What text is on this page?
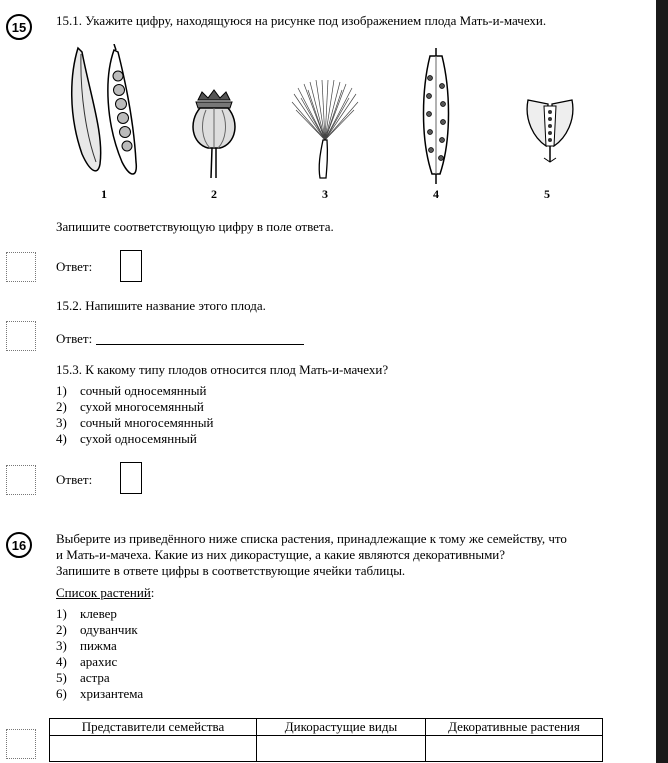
15	15.1. Укажите цифру, находящуюся на рисунке под изображением плода Мать-и-мачехи.
1	2	3	4	5
Запишите соответствующую цифру в поле ответа.
Ответ:
15.2. Напишите название этого плода.
Ответ:
15.3. К какому типу плодов относится плод Мать-и-мачехи?
1) сочный односемянный
2) сухой многосемянный
3) сочный многосемянный
4) сухой односемянный
Ответ:
16	Выберите из приведённого ниже списка растения, принадлежащие к тому же семейству, что
и Мать-и-мачеха. Какие из них дикорастущие, а какие являются декоративными?
Запишите в ответе цифры в соответствующие ячейки таблицы.
Список растений:
1) клевер
2) одуванчик
3) пижма
4) арахис
5) астра
6) хризантема
Представители семейства	Дикорастущие виды	Декоративные растения
